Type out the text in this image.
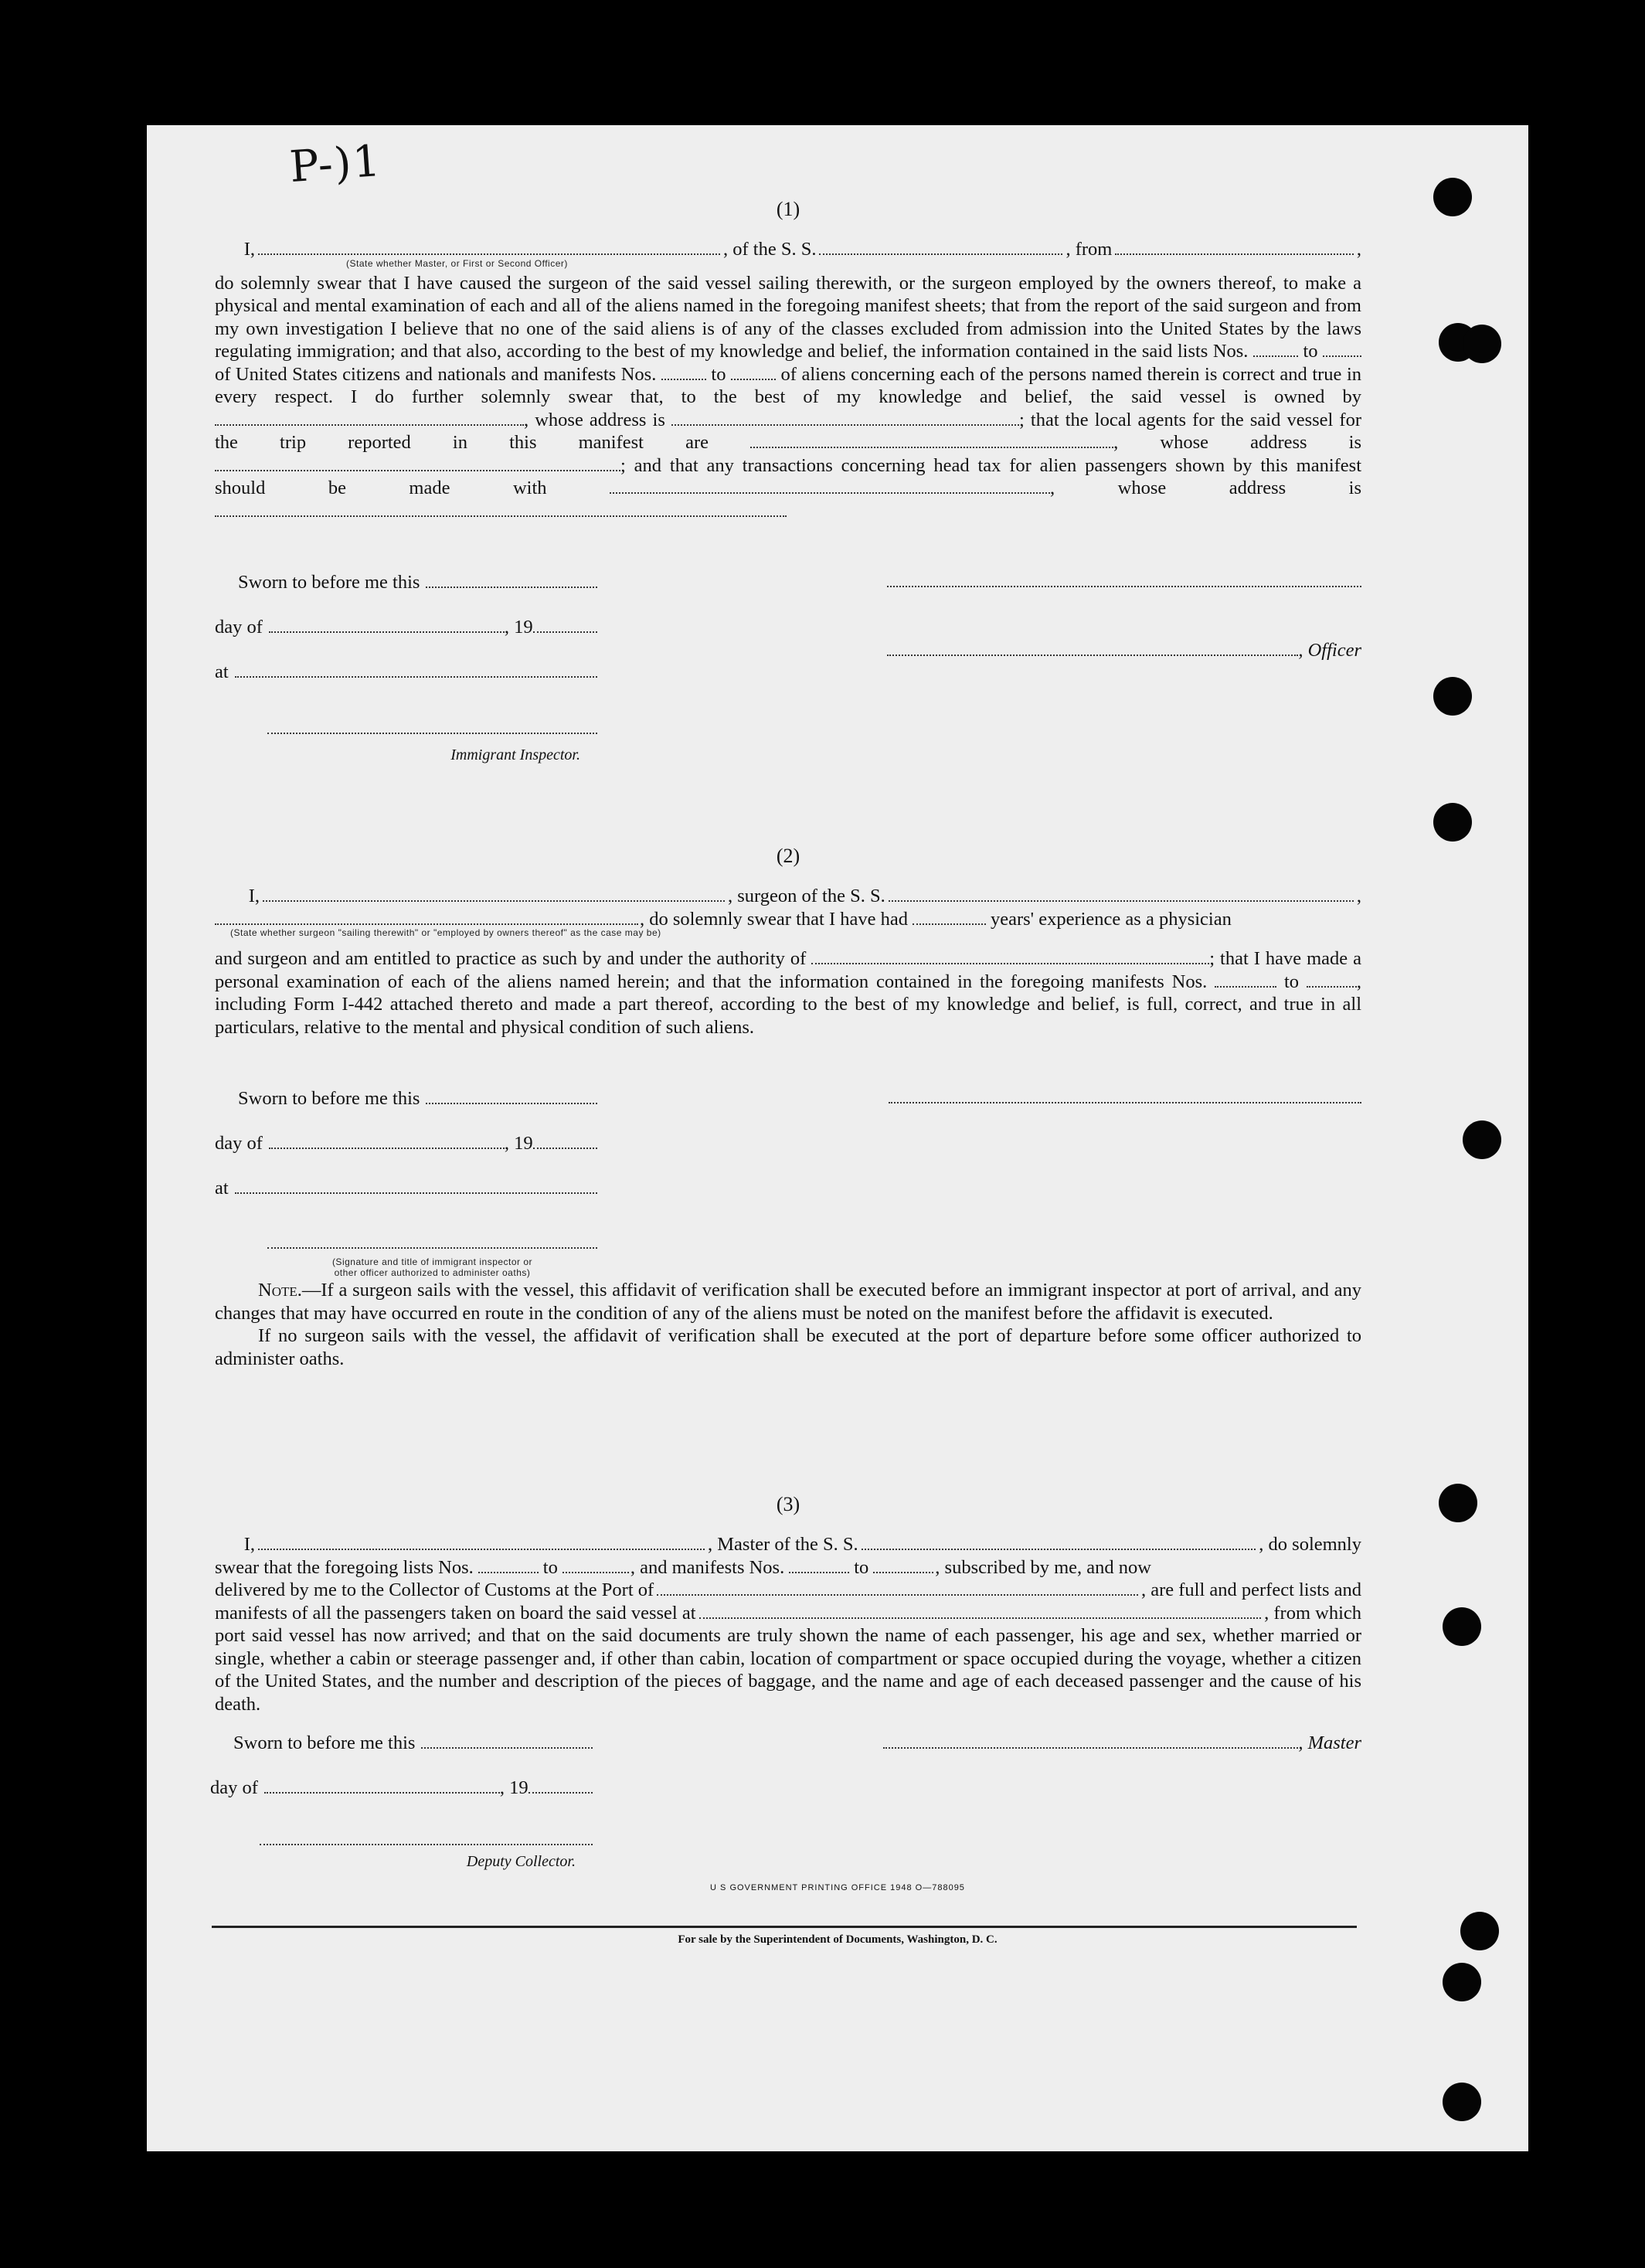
P-)1

(1)

I,	, of the S. S.	, from	,
(State whether Master, or First or Second Officer)

do solemnly swear that I have caused the surgeon of the said vessel sailing therewith, or the surgeon employed by the owners thereof, to make a physical and mental examination of each and all of the aliens named in the foregoing manifest sheets; that from the report of the said surgeon and from my own investigation I believe that no one of the said aliens is of any of the classes excluded from admission into the United States by the laws regulating immigration; and that also, according to the best of my knowledge and belief, the information contained in the said lists Nos.	to  of United States citizens and nationals and manifests Nos.	to	of aliens concerning each of the persons named therein is correct and true in every respect. I do further solemnly swear that, to the best of my knowledge and belief, the said vessel is owned by , whose address is	; that the local agents for the said vessel for the trip reported in this manifest are	, whose address is ; and that any transactions concerning head tax for alien passengers shown by this manifest should be made with	, whose address is

Sworn to before me this
day of	, 19
at
Immigrant Inspector.
, Officer

(2)

I,	, surgeon of the S. S.	,
, do solemnly swear that I have had	years' experience as a physician
(State whether surgeon "sailing therewith" or "employed by owners thereof" as the case may be)

and surgeon and am entitled to practice as such by and under the authority of	; that I have made a personal examination of each of the aliens named herein; and that the information contained in the foregoing manifests Nos.	to	, including Form I-442 attached thereto and made a part thereof, according to the best of my knowledge and belief, is full, correct, and true in all particulars, relative to the mental and physical condition of such aliens.

Sworn to before me this
day of	, 19
at
(Signature and title of immigrant inspector or
other officer authorized to administer oaths)

Note.—If a surgeon sails with the vessel, this affidavit of verification shall be executed before an immigrant inspector at port of arrival, and any changes that may have occurred en route in the condition of any of the aliens must be noted on the manifest before the affidavit is executed.

If no surgeon sails with the vessel, the affidavit of verification shall be executed at the port of departure before some officer authorized to administer oaths.

(3)

I,	, Master of the S. S.	, do solemnly
swear that the foregoing lists Nos.	to	, and manifests Nos.	to	, subscribed by me, and now
delivered by me to the Collector of Customs at the Port of	, are full and perfect lists and
manifests of all the passengers taken on board the said vessel at	, from which

port said vessel has now arrived; and that on the said documents are truly shown the name of each passenger, his age and sex, whether married or single, whether a cabin or steerage passenger and, if other than cabin, location of compartment or space occupied during the voyage, whether a citizen of the United States, and the number and description of the pieces of baggage, and the name and age of each deceased passenger and the cause of his death.

Sworn to before me this
day of	, 19
Deputy Collector.
, Master
U S GOVERNMENT PRINTING OFFICE 1948 O—788095
For sale by the Superintendent of Documents, Washington, D. C.
